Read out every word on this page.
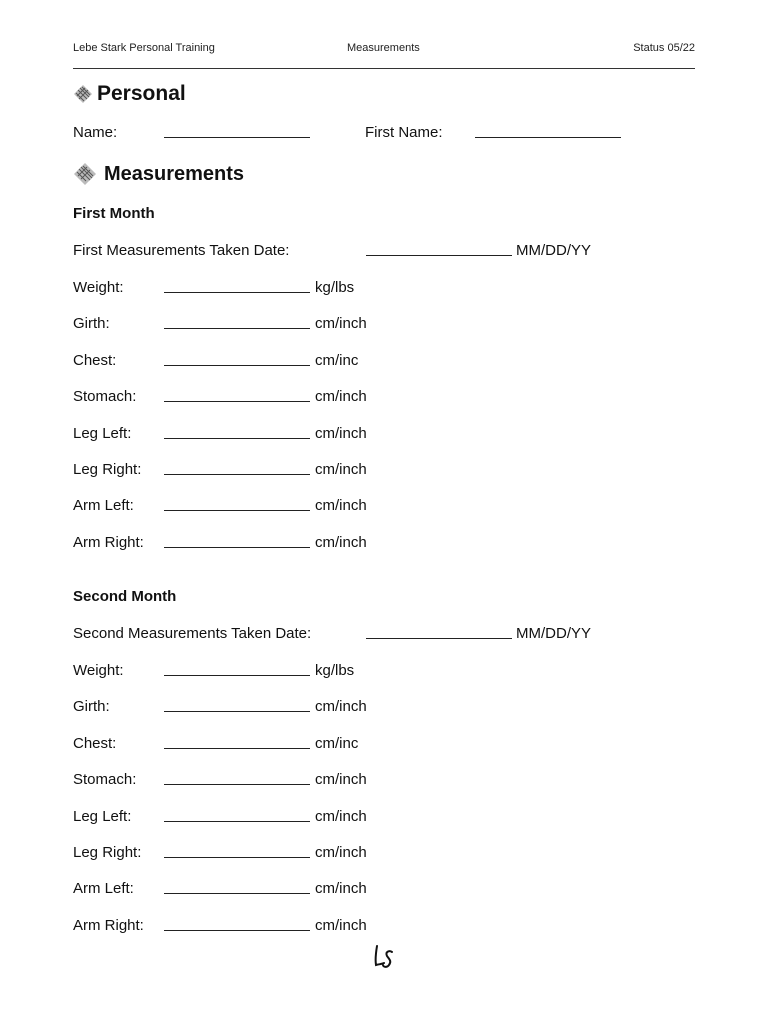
Lebe Stark Personal Training	Measurements	Status 05/22
Personal
Name:	First Name:
Measurements
First Month
First Measurements Taken Date:	MM/DD/YY
Weight:	kg/lbs
Girth:	cm/inch
Chest:	cm/inc
Stomach:	cm/inch
Leg Left:	cm/inch
Leg Right:	cm/inch
Arm Left:	cm/inch
Arm Right:	cm/inch
Second Month
Second Measurements Taken Date:	MM/DD/YY
Weight:	kg/lbs
Girth:	cm/inch
Chest:	cm/inc
Stomach:	cm/inch
Leg Left:	cm/inch
Leg Right:	cm/inch
Arm Left:	cm/inch
Arm Right:	cm/inch
